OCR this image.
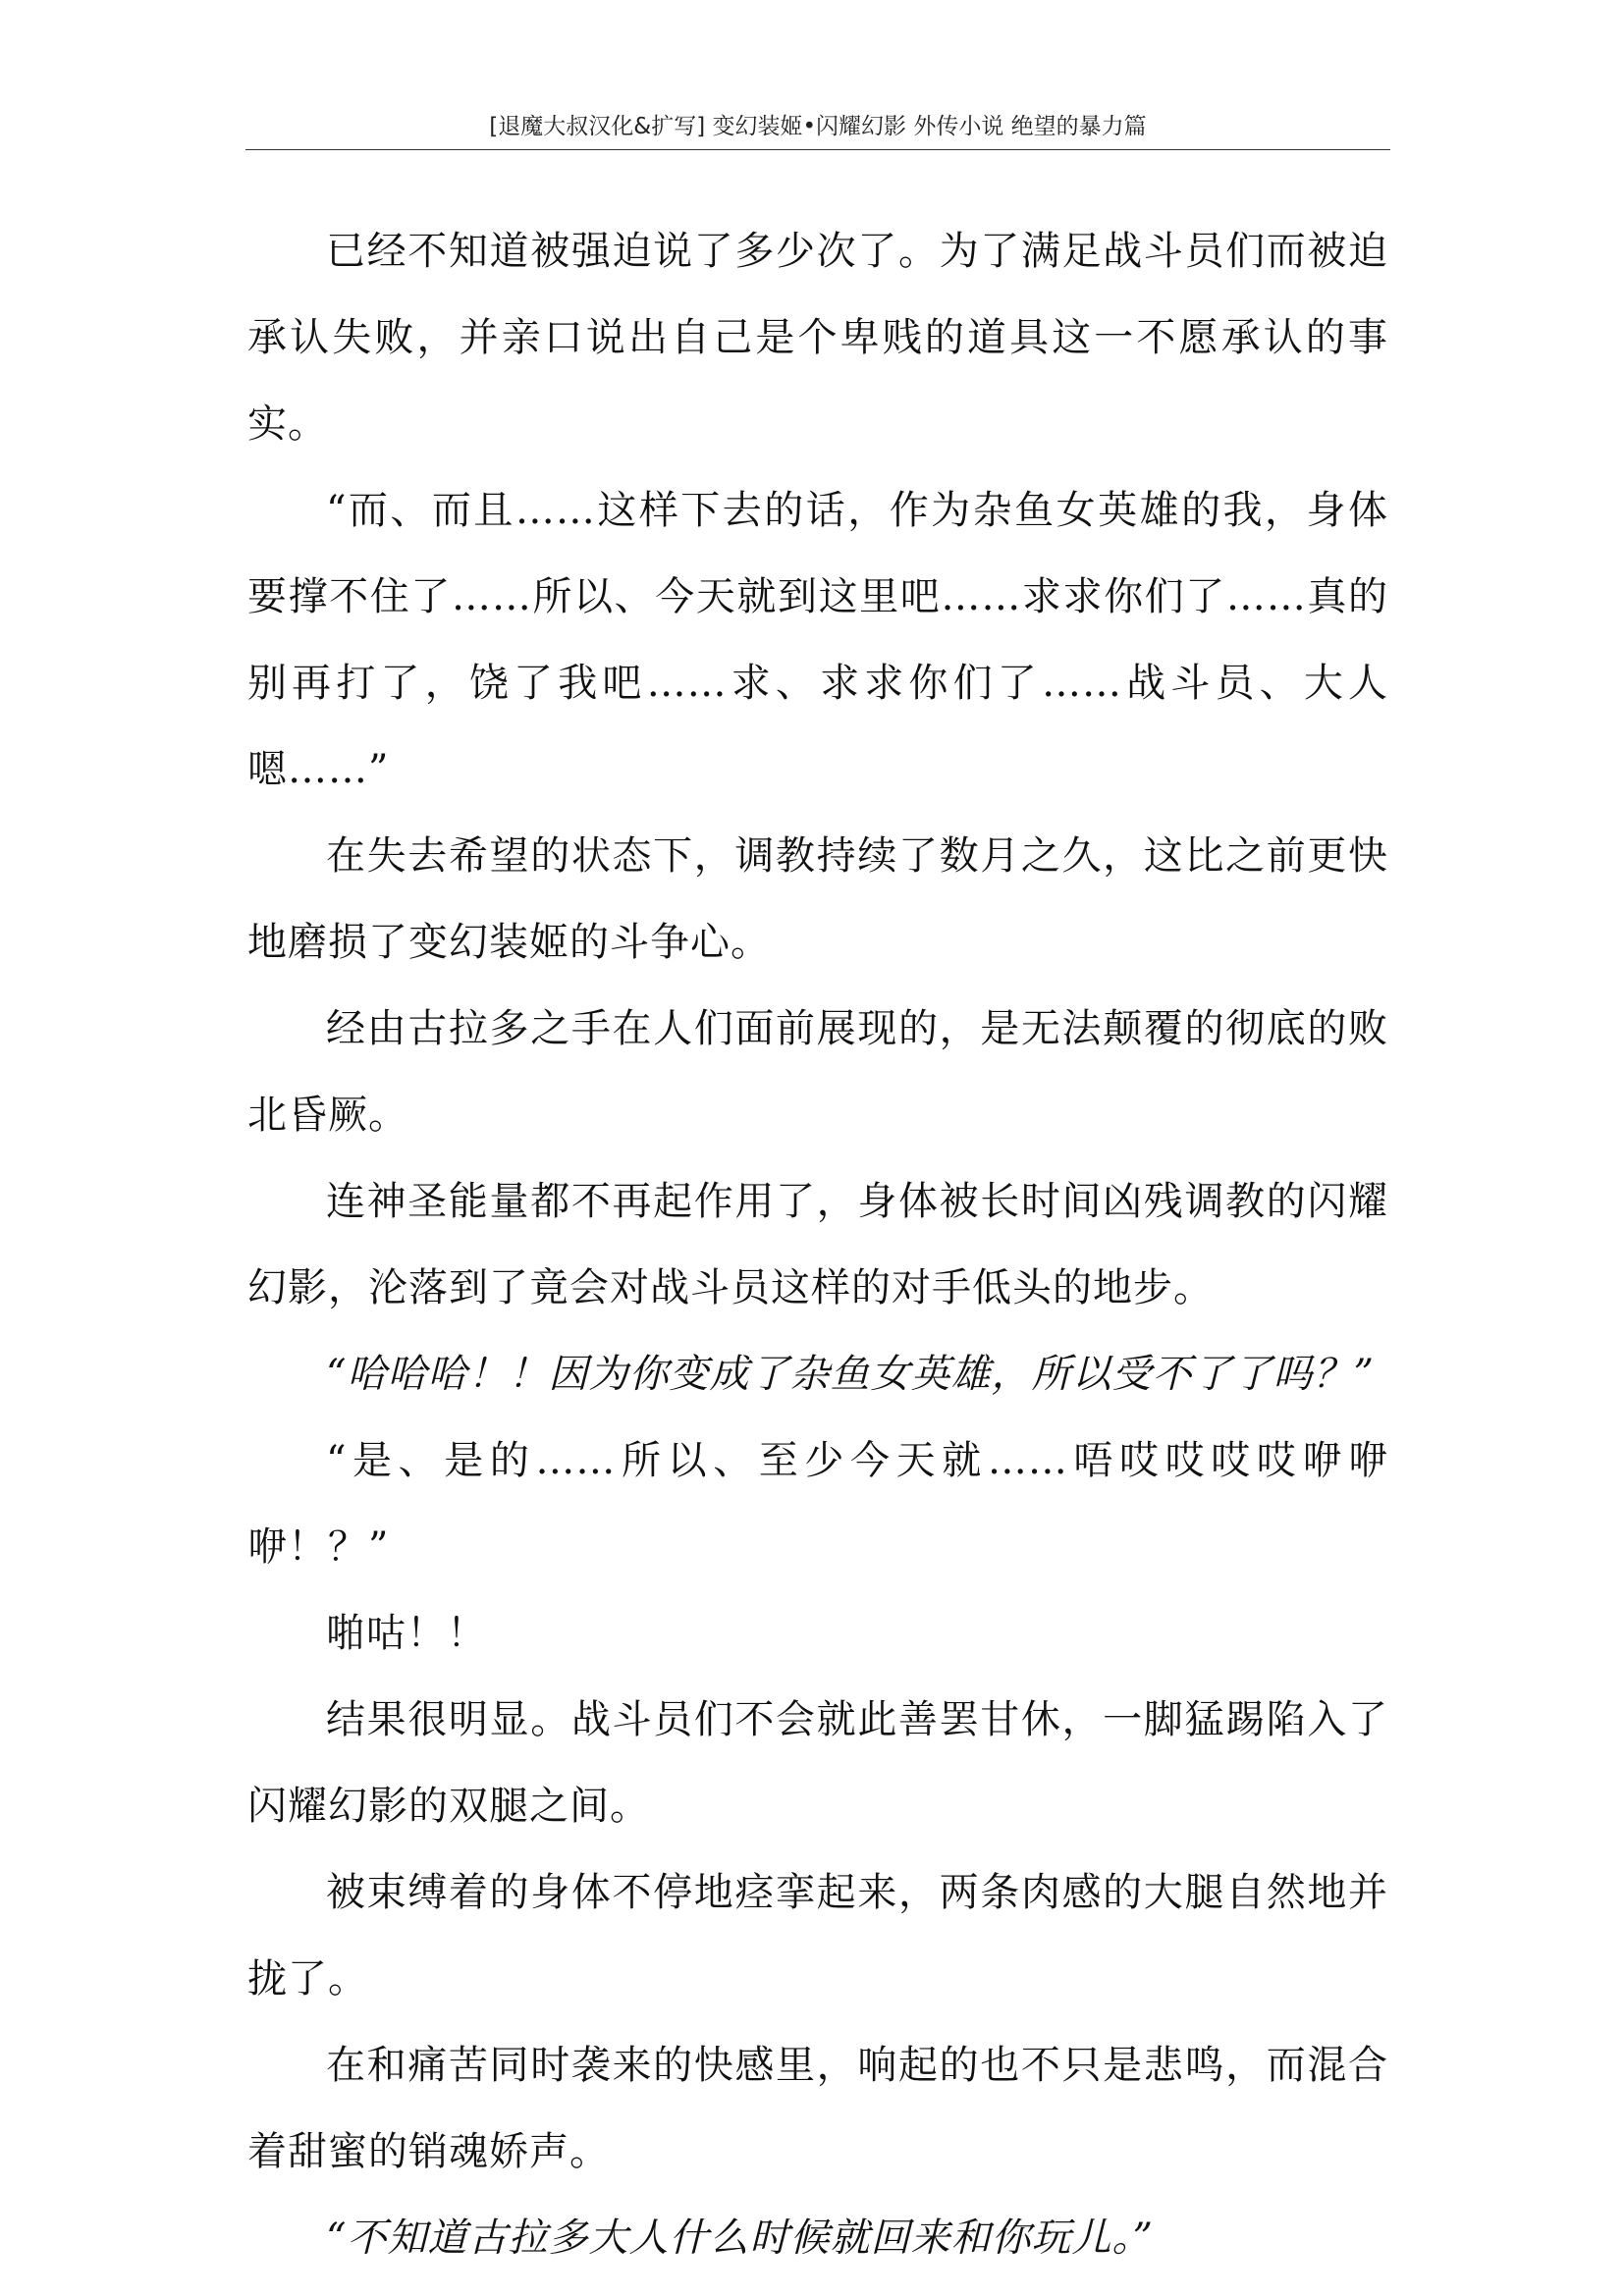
[退魔大叔汉化&扩写] 变幻装姬•闪耀幻影 外传小说 绝望的暴力篇

已经不知道被强迫说了多少次了。为了满足战斗员们而被迫承认失败，并亲口说出自己是个卑贱的道具这一不愿承认的事实。

“而、而且……这样下去的话，作为杂鱼女英雄的我，身体要撑不住了……所以、今天就到这里吧……求求你们了……真的别再打了，饶了我吧……求、求求你们了……战斗员、大人嗯……”

在失去希望的状态下，调教持续了数月之久，这比之前更快地磨损了变幻装姬的斗争心。

经由古拉多之手在人们面前展现的，是无法颠覆的彻底的败北昏厥。

连神圣能量都不再起作用了，身体被长时间凶残调教的闪耀幻影，沦落到了竟会对战斗员这样的对手低头的地步。

“哈哈哈！！因为你变成了杂鱼女英雄，所以受不了了吗？”

“是、是的……所以、至少今天就……唔哎哎哎哎咿咿咿！？”

啪咕！！

结果很明显。战斗员们不会就此善罢甘休，一脚猛踢陷入了闪耀幻影的双腿之间。

被束缚着的身体不停地痉挛起来，两条肉感的大腿自然地并拢了。

在和痛苦同时袭来的快感里，响起的也不只是悲鸣，而混合着甜蜜的销魂娇声。

“不知道古拉多大人什么时候就回来和你玩儿。”
